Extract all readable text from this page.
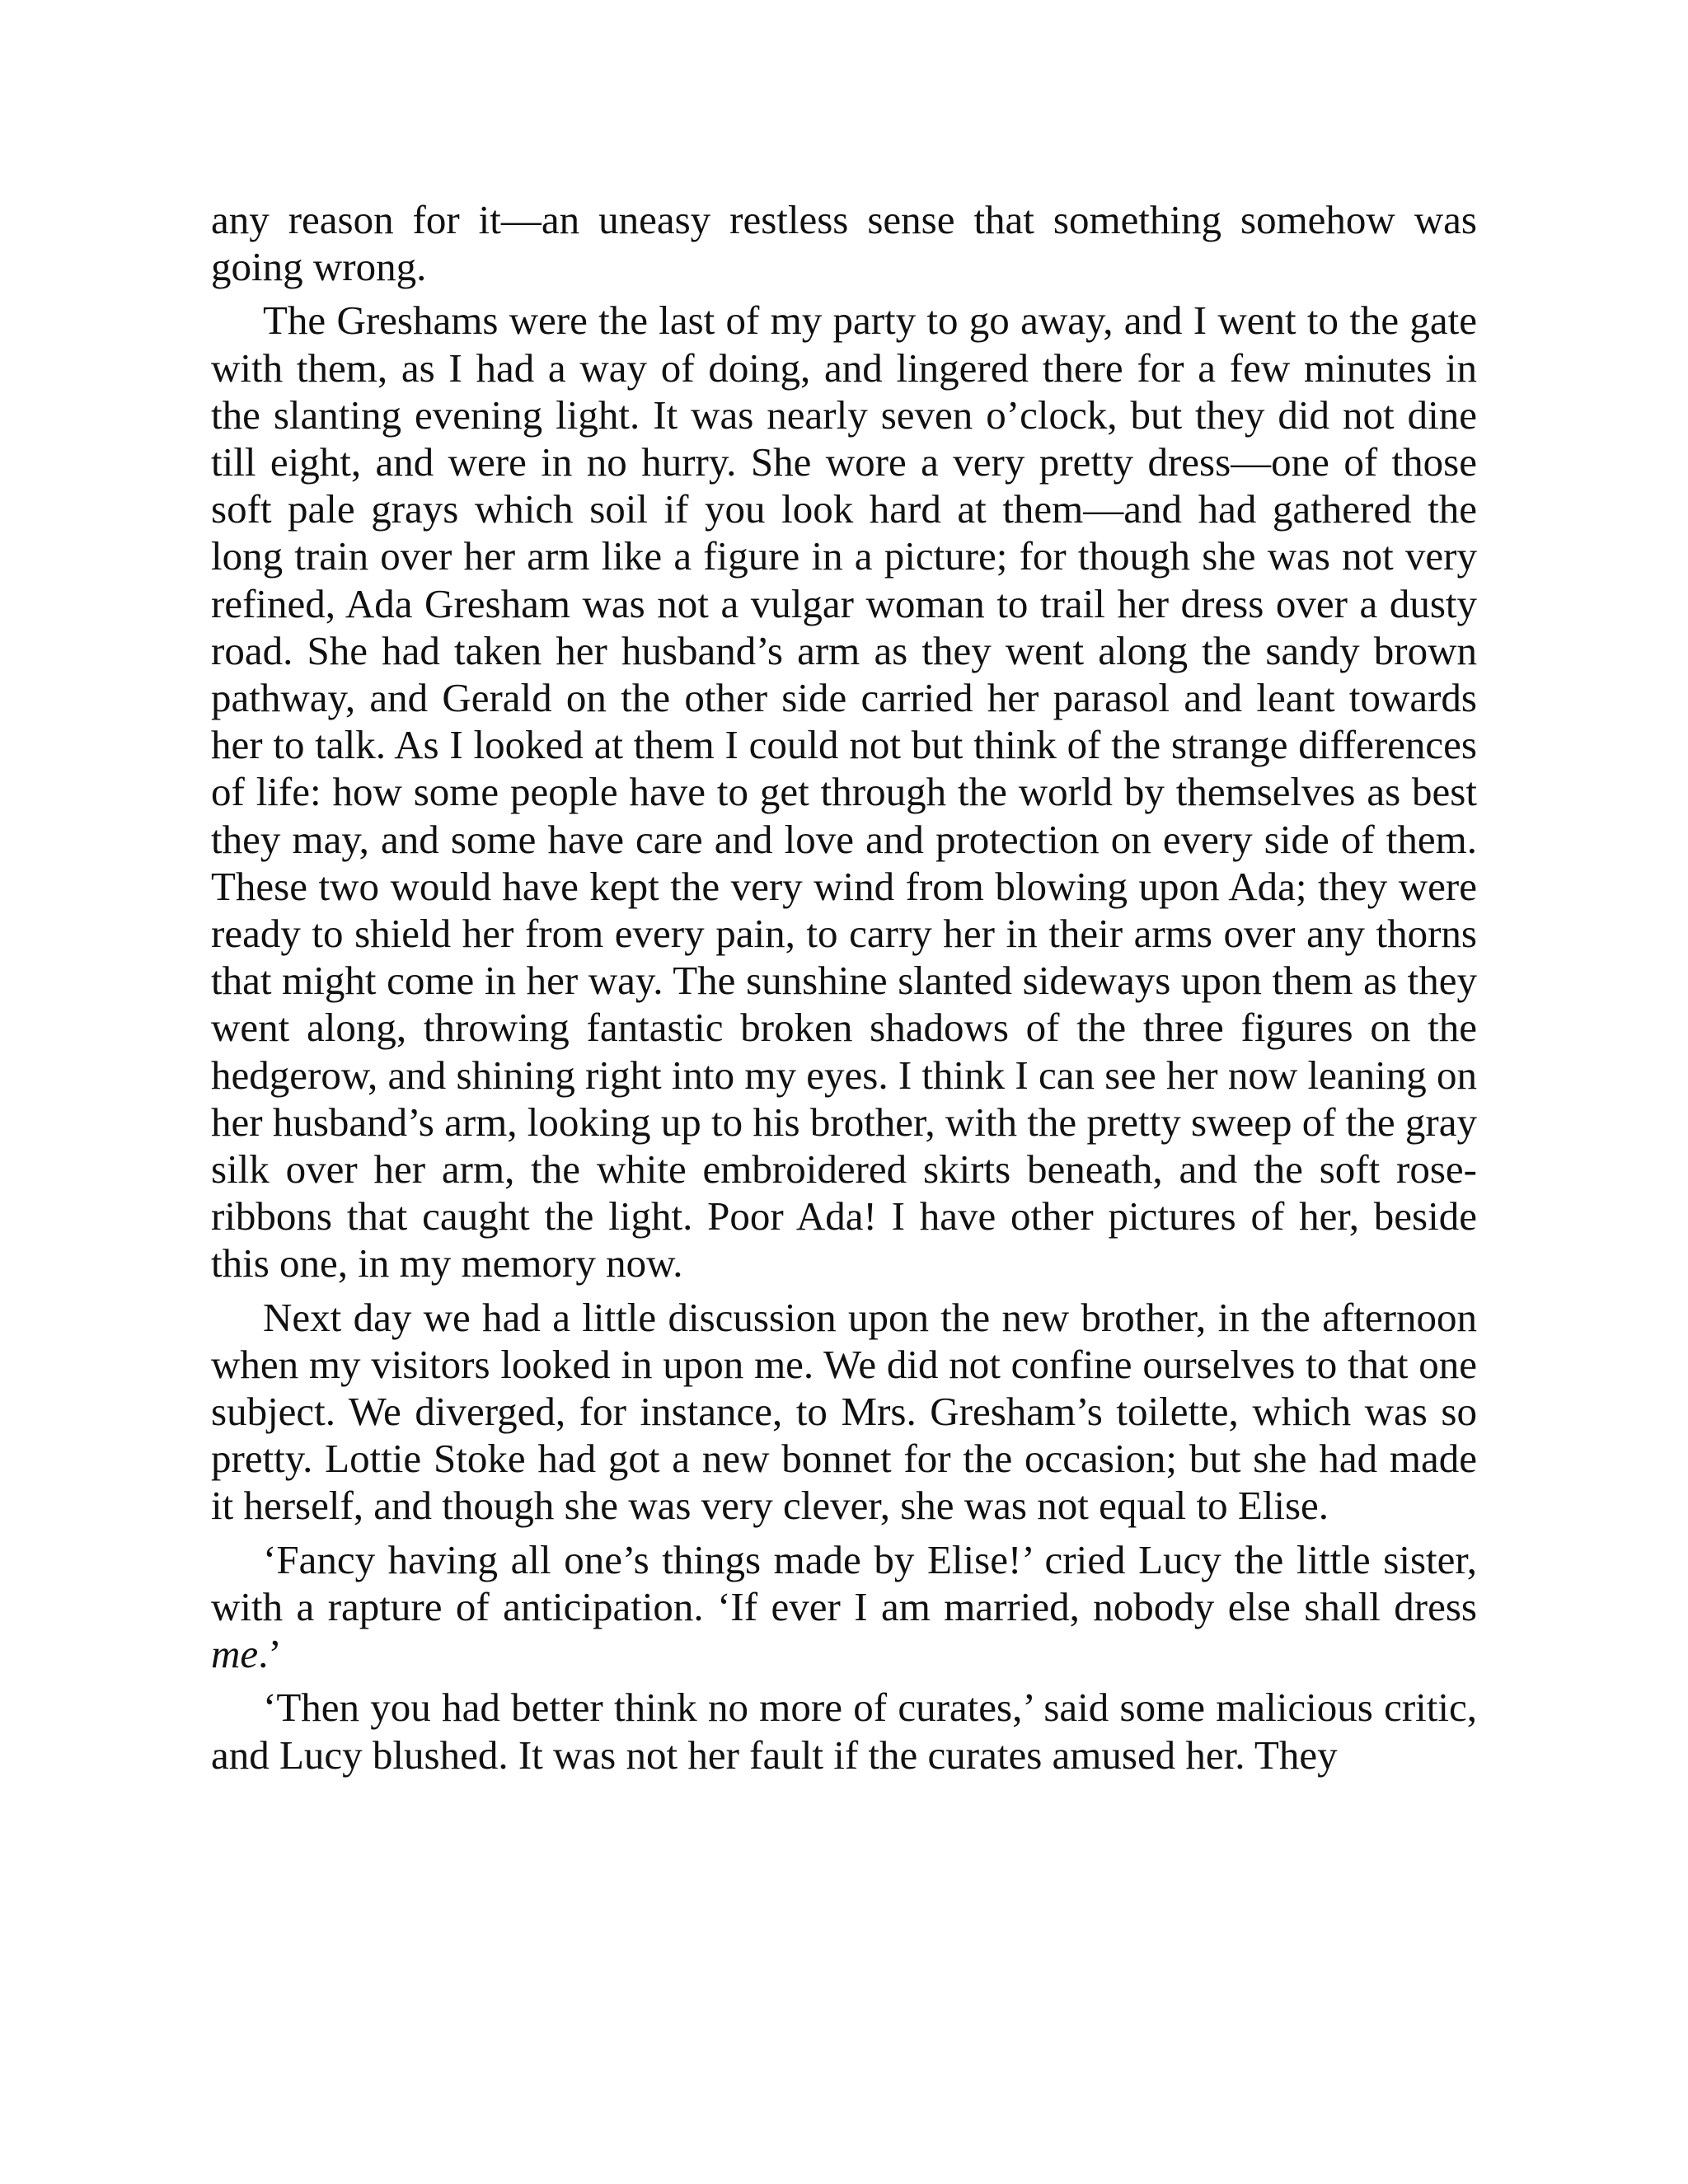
any reason for it—an uneasy restless sense that something somehow was going wrong.

The Greshams were the last of my party to go away, and I went to the gate with them, as I had a way of doing, and lingered there for a few minutes in the slanting evening light. It was nearly seven o’clock, but they did not dine till eight, and were in no hurry. She wore a very pretty dress—one of those soft pale grays which soil if you look hard at them—and had gathered the long train over her arm like a figure in a picture; for though she was not very refined, Ada Gresham was not a vulgar woman to trail her dress over a dusty road. She had taken her husband’s arm as they went along the sandy brown pathway, and Gerald on the other side carried her parasol and leant towards her to talk. As I looked at them I could not but think of the strange differences of life: how some people have to get through the world by themselves as best they may, and some have care and love and protection on every side of them. These two would have kept the very wind from blowing upon Ada; they were ready to shield her from every pain, to carry her in their arms over any thorns that might come in her way. The sunshine slanted sideways upon them as they went along, throwing fantastic broken shadows of the three figures on the hedgerow, and shining right into my eyes. I think I can see her now leaning on her husband’s arm, looking up to his brother, with the pretty sweep of the gray silk over her arm, the white embroidered skirts beneath, and the soft rose-ribbons that caught the light. Poor Ada! I have other pictures of her, beside this one, in my memory now.

Next day we had a little discussion upon the new brother, in the afternoon when my visitors looked in upon me. We did not confine ourselves to that one subject. We diverged, for instance, to Mrs. Gresham’s toilette, which was so pretty. Lottie Stoke had got a new bonnet for the occasion; but she had made it herself, and though she was very clever, she was not equal to Elise.

‘Fancy having all one’s things made by Elise!’ cried Lucy the little sister, with a rapture of anticipation. ‘If ever I am married, nobody else shall dress me.’

‘Then you had better think no more of curates,’ said some malicious critic, and Lucy blushed. It was not her fault if the curates amused her. They
